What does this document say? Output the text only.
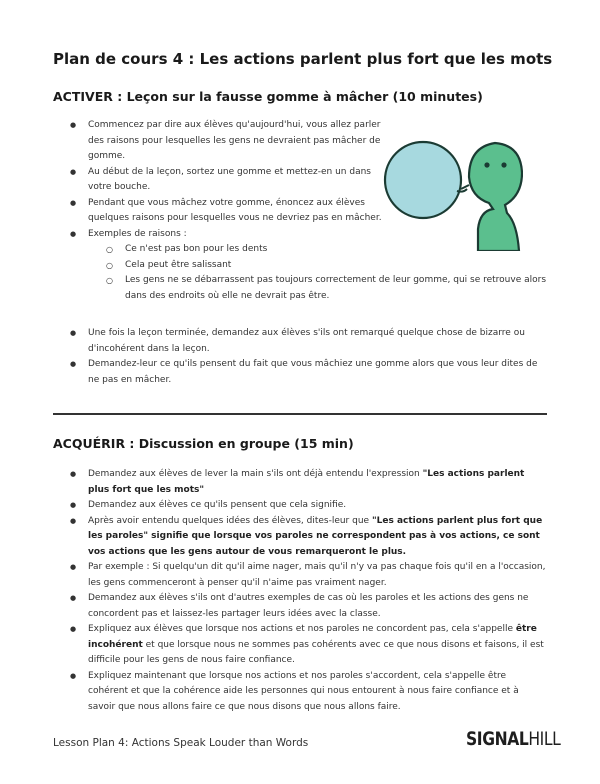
Plan de cours 4 : Les actions parlent plus fort que les mots
ACTIVER : Leçon sur la fausse gomme à mâcher (10 minutes)
● Commencez par dire aux élèves qu'aujourd'hui, vous allez parler des raisons pour lesquelles les gens ne devraient pas mâcher de gomme.
● Au début de la leçon, sortez une gomme et mettez-en un dans votre bouche.
● Pendant que vous mâchez votre gomme, énoncez aux élèves quelques raisons pour lesquelles vous ne devriez pas en mâcher.
● Exemples de raisons :
○ Ce n'est pas bon pour les dents
○ Cela peut être salissant
○ Les gens ne se débarrassent pas toujours correctement de leur gomme, qui se retrouve alors dans des endroits où elle ne devrait pas être.
● Une fois la leçon terminée, demandez aux élèves s'ils ont remarqué quelque chose de bizarre ou d'incohérent dans la leçon.
● Demandez-leur ce qu'ils pensent du fait que vous mâchiez une gomme alors que vous leur dites de ne pas en mâcher.
ACQUÉRIR : Discussion en groupe (15 min)
● Demandez aux élèves de lever la main s'ils ont déjà entendu l'expression "Les actions parlent plus fort que les mots"
● Demandez aux élèves ce qu'ils pensent que cela signifie.
● Après avoir entendu quelques idées des élèves, dites-leur que "Les actions parlent plus fort que les paroles" signifie que lorsque vos paroles ne correspondent pas à vos actions, ce sont vos actions que les gens autour de vous remarqueront le plus.
● Par exemple : Si quelqu'un dit qu'il aime nager, mais qu'il n'y va pas chaque fois qu'il en a l'occasion, les gens commenceront à penser qu'il n'aime pas vraiment nager.
● Demandez aux élèves s'ils ont d'autres exemples de cas où les paroles et les actions des gens ne concordent pas et laissez-les partager leurs idées avec la classe.
● Expliquez aux élèves que lorsque nos actions et nos paroles ne concordent pas, cela s'appelle être incohérent et que lorsque nous ne sommes pas cohérents avec ce que nous disons et faisons, il est difficile pour les gens de nous faire confiance.
● Expliquez maintenant que lorsque nos actions et nos paroles s'accordent, cela s'appelle être cohérent et que la cohérence aide les personnes qui nous entourent à nous faire confiance et à savoir que nous allons faire ce que nous disons que nous allons faire.
Lesson Plan 4: Actions Speak Louder than Words	SIGNALHILL
